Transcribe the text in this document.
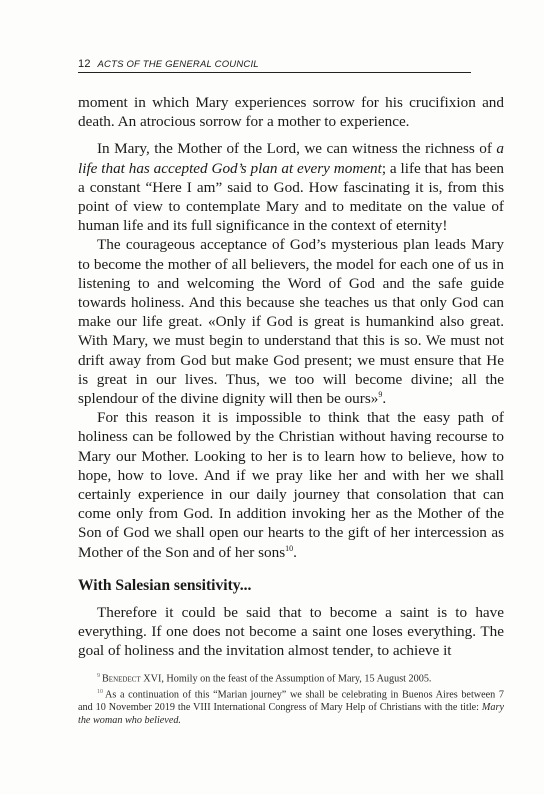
12 ACTS OF THE GENERAL COUNCIL

moment in which Mary experiences sorrow for his crucifixion and death. An atrocious sorrow for a mother to experience.

In Mary, the Mother of the Lord, we can witness the richness of a life that has accepted God’s plan at every moment; a life that has been a constant “Here I am” said to God. How fascinating it is, from this point of view to contemplate Mary and to meditate on the value of human life and its full significance in the context of eternity!

The courageous acceptance of God’s mysterious plan leads Mary to become the mother of all believers, the model for each one of us in listening to and welcoming the Word of God and the safe guide towards holiness. And this because she teaches us that only God can make our life great. «Only if God is great is humankind also great. With Mary, we must begin to understand that this is so. We must not drift away from God but make God present; we must ensure that He is great in our lives. Thus, we too will become divine; all the splendour of the divine dignity will then be ours»$^9$.

For this reason it is impossible to think that the easy path of holiness can be followed by the Christian without having recourse to Mary our Mother. Looking to her is to learn how to believe, how to hope, how to love. And if we pray like her and with her we shall certainly experience in our daily journey that consolation that can come only from God. In addition invoking her as the Mother of the Son of God we shall open our hearts to the gift of her intercession as Mother of the Son and of her sons$^{10}$.

With Salesian sensitivity...

Therefore it could be said that to become a saint is to have everything. If one does not become a saint one loses everything. The goal of holiness and the invitation almost tender, to achieve it

$^9$ Benedect XVI, Homily on the feast of the Assumption of Mary, 15 August 2005.

$^{10}$ As a continuation of this “Marian journey” we shall be celebrating in Buenos Aires between 7 and 10 November 2019 the VIII International Congress of Mary Help of Christians with the title: Mary the woman who believed.
